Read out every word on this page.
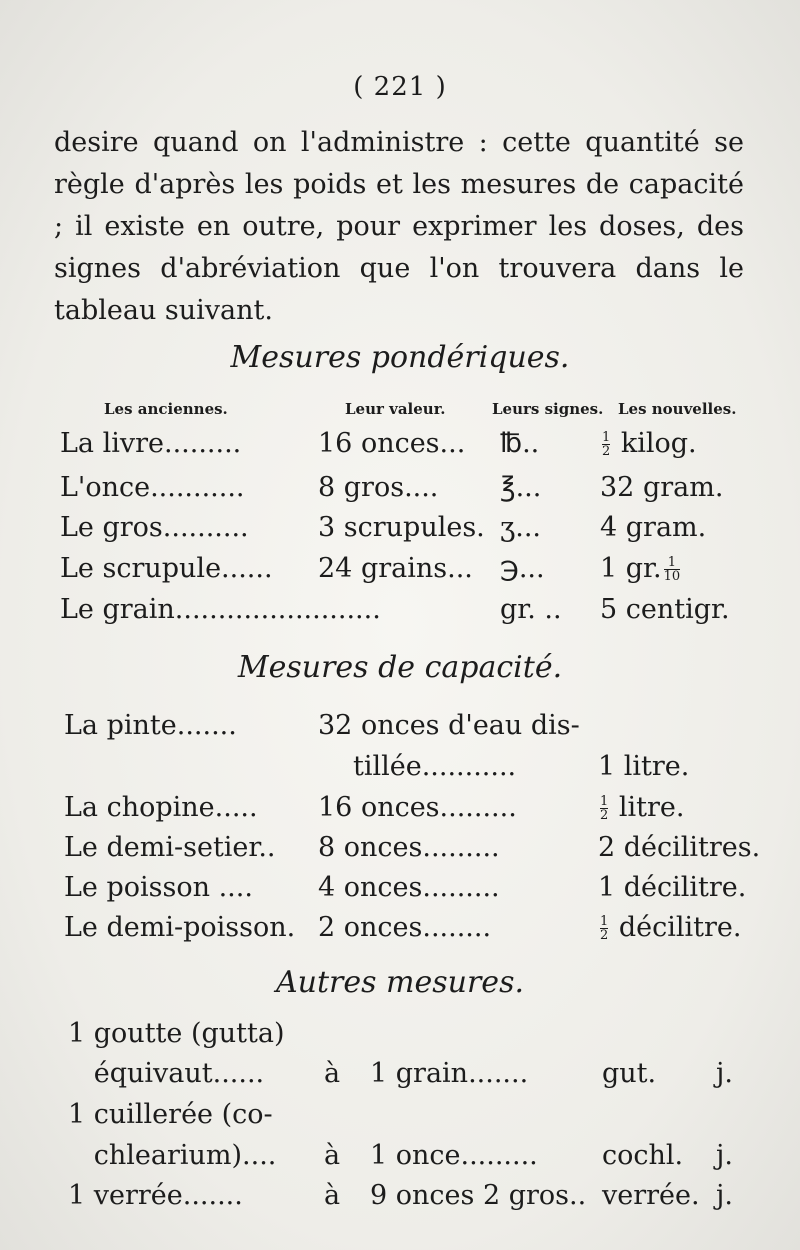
( 221 )
desire quand on l'administre : cette quantité se règle d'après les poids et les mesures de capacité ; il existe en outre, pour exprimer les doses, des signes d'abréviation que l'on trouvera dans le tableau suivant.
Mesures pondériques.
Les anciennes.	Leur valeur.	Leurs signes. Les nouvelles.
La livre.........	16 onces... ℔..	$\frac{1}{2} kilog$.
L'once...........	8 gros.... ℥... 32 gram.
Le gros..........	3 scrupules. ʒ... 4 gram.
Le scrupule...... 24 grains... ℈... 1 gr. $\frac{1}{10}$
Le grain........................	gr. .. 5 centigr.
Mesures de capacité.
La pinte.......	32 onces d'eau dis-
tillée...........	1 litre.
La chopine..... 16 onces.........	$\frac{1}{2}$ litre.
Le demi-setier.. 8 onces.........	2 décilitres.
Le poisson .... 4 onces.........	1 décilitre.
Le demi-poisson. 2 onces........	$\frac{1}{2}$ décilitre.
Autres mesures.
1 goutte (gutta)
équivaut...... à 1 grain.......	gut. j.
1 cuillerée (co-
chlearium).... à 1 once......... cochl. j.
1 verrée.......	à 9 onces 2 gros.. verrée. j.
